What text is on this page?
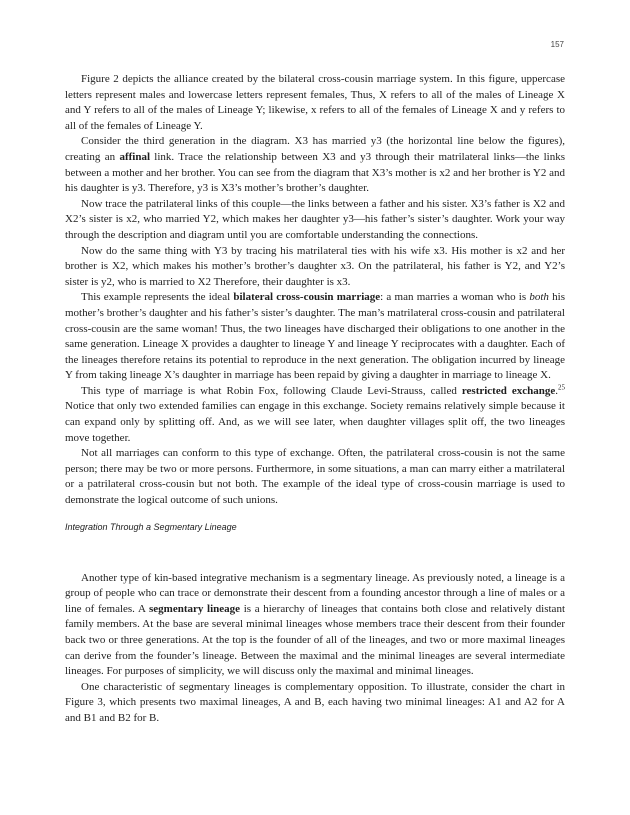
157

Figure 2 depicts the alliance created by the bilateral cross-cousin marriage system. In this figure, uppercase letters represent males and lowercase letters represent females, Thus, X refers to all of the males of Lineage X and Y refers to all of the males of Lineage Y; likewise, x refers to all of the females of Lineage X and y refers to all of the females of Lineage Y.

Consider the third generation in the diagram. X3 has married y3 (the horizontal line below the figures), creating an affinal link. Trace the relationship between X3 and y3 through their matrilateral links—the links between a mother and her brother. You can see from the diagram that X3’s mother is x2 and her brother is Y2 and his daughter is y3. Therefore, y3 is X3’s mother’s brother’s daughter.

Now trace the patrilateral links of this couple—the links between a father and his sister. X3’s father is X2 and X2’s sister is x2, who married Y2, which makes her daughter y3—his father’s sister’s daughter. Work your way through the description and diagram until you are comfortable understanding the connections.

Now do the same thing with Y3 by tracing his matrilateral ties with his wife x3. His mother is x2 and her brother is X2, which makes his mother’s brother’s daughter x3. On the patrilateral, his father is Y2, and Y2’s sister is y2, who is married to X2 Therefore, their daughter is x3.

This example represents the ideal bilateral cross-cousin marriage: a man marries a woman who is both his mother’s brother’s daughter and his father’s sister’s daughter. The man’s matrilateral cross-cousin and patrilateral cross-cousin are the same woman! Thus, the two lineages have discharged their obligations to one another in the same generation. Lineage X provides a daughter to lineage Y and lineage Y reciprocates with a daughter. Each of the lineages therefore retains its potential to reproduce in the next generation. The obligation incurred by lineage Y from taking lineage X’s daughter in marriage has been repaid by giving a daughter in marriage to lineage X.

This type of marriage is what Robin Fox, following Claude Levi-Strauss, called restricted exchange.$^{25}$ Notice that only two extended families can engage in this exchange. Society remains relatively simple because it can expand only by splitting off. And, as we will see later, when daughter villages split off, the two lineages move together.

Not all marriages can conform to this type of exchange. Often, the patrilateral cross-cousin is not the same person; there may be two or more persons. Furthermore, in some situations, a man can marry either a matrilateral or a patrilateral cross-cousin but not both. The example of the ideal type of cross-cousin marriage is used to demonstrate the logical outcome of such unions.

Integration Through a Segmentary Lineage

Another type of kin-based integrative mechanism is a segmentary lineage. As previously noted, a lineage is a group of people who can trace or demonstrate their descent from a founding ancestor through a line of males or a line of females. A segmentary lineage is a hierarchy of lineages that contains both close and relatively distant family members. At the base are several minimal lineages whose members trace their descent from their founder back two or three generations. At the top is the founder of all of the lineages, and two or more maximal lineages can derive from the founder’s lineage. Between the maximal and the minimal lineages are several intermediate lineages. For purposes of simplicity, we will discuss only the maximal and minimal lineages.

One characteristic of segmentary lineages is complementary opposition. To illustrate, consider the chart in Figure 3, which presents two maximal lineages, A and B, each having two minimal lineages: A1 and A2 for A and B1 and B2 for B.
